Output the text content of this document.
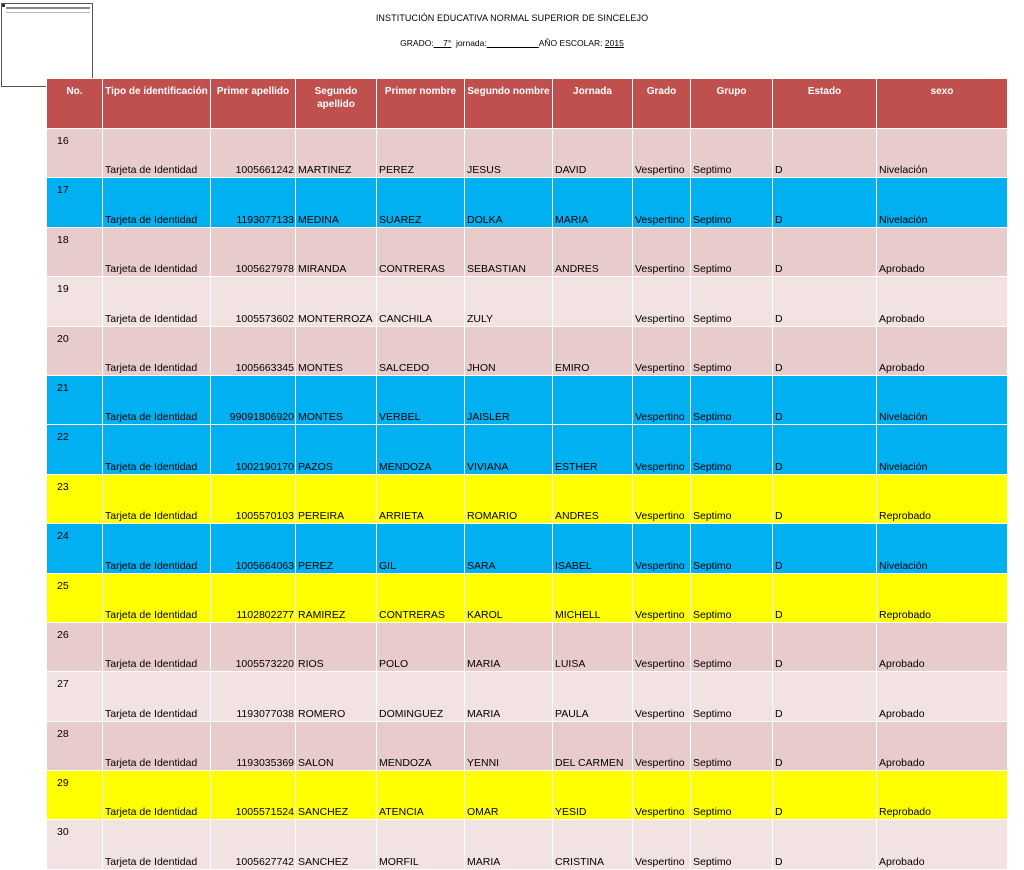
INSTITUCIÓN EDUCATIVA NORMAL SUPERIOR DE SINCELEJO
GRADO:__7° jornada:___________AÑO ESCOLAR: 2015
No.	Tipo de identificación	Primer apellido	Segundo apellido	Primer nombre	Segundo nombre	Jornada	Grado	Grupo	Estado	sexo
16	Tarjeta de Identidad	1005661242	MARTINEZ	PEREZ	JESUS	DAVID	Vespertino	Septimo	D	Nivelación
17	Tarjeta de Identidad	1193077133	MEDINA	SUAREZ	DOLKA	MARIA	Vespertino	Septimo	D	Nivelación
18	Tarjeta de Identidad	1005627978	MIRANDA	CONTRERAS	SEBASTIAN	ANDRES	Vespertino	Septimo	D	Aprobado
19	Tarjeta de Identidad	1005573602	MONTERROZA	CANCHILA	ZULY		Vespertino	Septimo	D	Aprobado
20	Tarjeta de Identidad	1005663345	MONTES	SALCEDO	JHON	EMIRO	Vespertino	Septimo	D	Aprobado
21	Tarjeta de Identidad	99091806920	MONTES	VERBEL	JAISLER		Vespertino	Septimo	D	Nivelación
22	Tarjeta de Identidad	1002190170	PAZOS	MENDOZA	VIVIANA	ESTHER	Vespertino	Septimo	D	Nivelación
23	Tarjeta de Identidad	1005570103	PEREIRA	ARRIETA	ROMARIO	ANDRES	Vespertino	Septimo	D	Reprobado
24	Tarjeta de Identidad	1005664063	PEREZ	GIL	SARA	ISABEL	Vespertino	Septimo	D	Nivelación
25	Tarjeta de Identidad	1102802277	RAMIREZ	CONTRERAS	KAROL	MICHELL	Vespertino	Septimo	D	Reprobado
26	Tarjeta de Identidad	1005573220	RIOS	POLO	MARIA	LUISA	Vespertino	Septimo	D	Aprobado
27	Tarjeta de Identidad	1193077038	ROMERO	DOMINGUEZ	MARIA	PAULA	Vespertino	Septimo	D	Aprobado
28	Tarjeta de Identidad	1193035369	SALON	MENDOZA	YENNI	DEL CARMEN	Vespertino	Septimo	D	Aprobado
29	Tarjeta de Identidad	1005571524	SANCHEZ	ATENCIA	OMAR	YESID	Vespertino	Septimo	D	Reprobado
30	Tarjeta de Identidad	1005627742	SANCHEZ	MORFIL	MARIA	CRISTINA	Vespertino	Septimo	D	Aprobado
